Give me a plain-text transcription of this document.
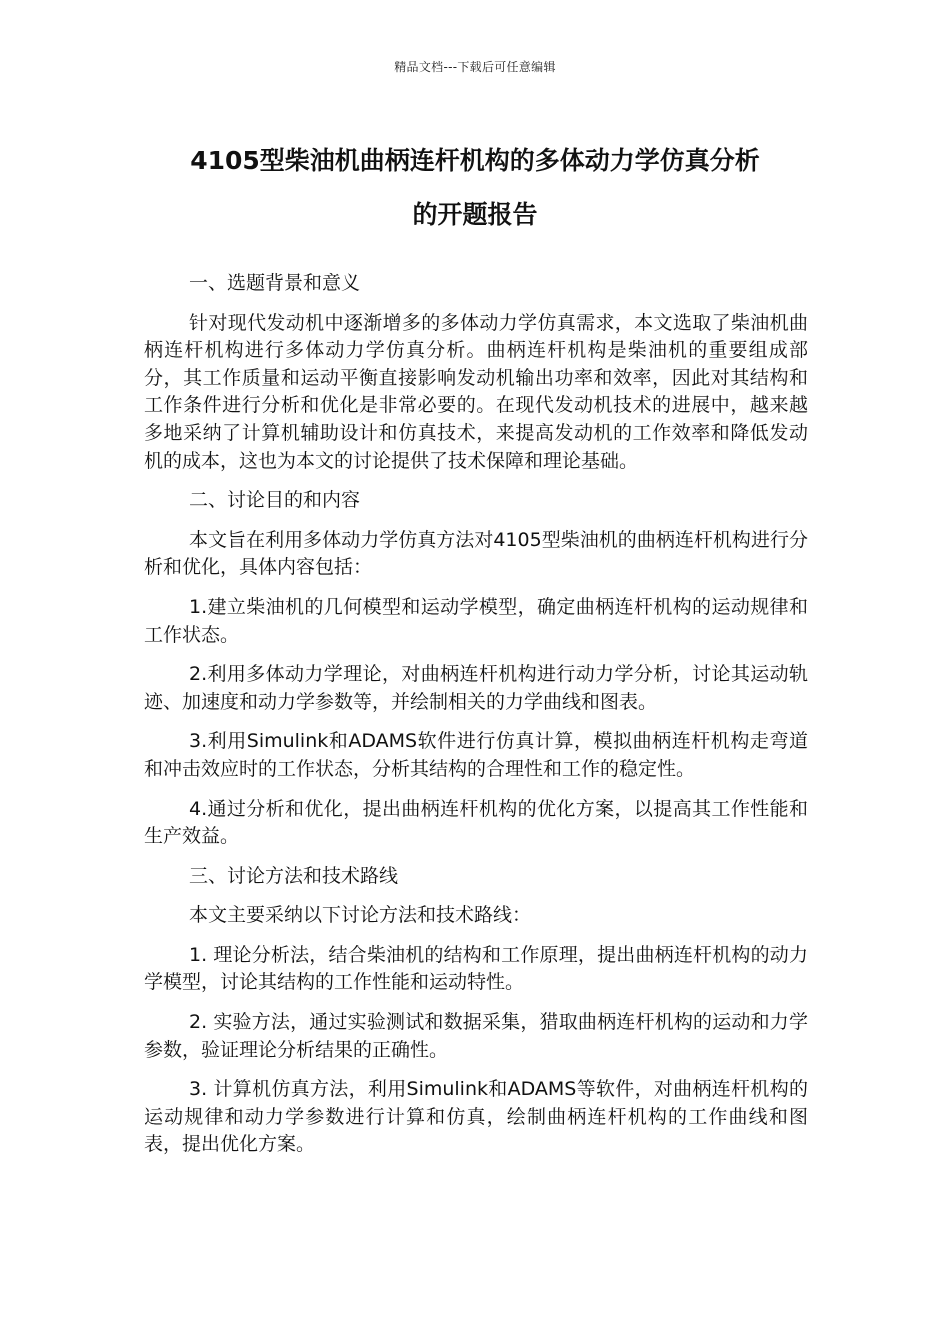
精品文档---下载后可任意编辑
4105型柴油机曲柄连杆机构的多体动力学仿真分析
的开题报告

一、选题背景和意义

针对现代发动机中逐渐增多的多体动力学仿真需求，本文选取了柴油机曲柄连杆机构进行多体动力学仿真分析。曲柄连杆机构是柴油机的重要组成部分，其工作质量和运动平衡直接影响发动机输出功率和效率，因此对其结构和工作条件进行分析和优化是非常必要的。在现代发动机技术的进展中，越来越多地采纳了计算机辅助设计和仿真技术，来提高发动机的工作效率和降低发动机的成本，这也为本文的讨论提供了技术保障和理论基础。

二、讨论目的和内容

本文旨在利用多体动力学仿真方法对4105型柴油机的曲柄连杆机构进行分析和优化，具体内容包括：

1.建立柴油机的几何模型和运动学模型，确定曲柄连杆机构的运动规律和工作状态。

2.利用多体动力学理论，对曲柄连杆机构进行动力学分析，讨论其运动轨迹、加速度和动力学参数等，并绘制相关的力学曲线和图表。

3.利用Simulink和ADAMS软件进行仿真计算，模拟曲柄连杆机构走弯道和冲击效应时的工作状态，分析其结构的合理性和工作的稳定性。

4.通过分析和优化，提出曲柄连杆机构的优化方案，以提高其工作性能和生产效益。

三、讨论方法和技术路线

本文主要采纳以下讨论方法和技术路线：

1. 理论分析法，结合柴油机的结构和工作原理，提出曲柄连杆机构的动力学模型，讨论其结构的工作性能和运动特性。

2. 实验方法，通过实验测试和数据采集，猎取曲柄连杆机构的运动和力学参数，验证理论分析结果的正确性。

3. 计算机仿真方法，利用Simulink和ADAMS等软件，对曲柄连杆机构的运动规律和动力学参数进行计算和仿真，绘制曲柄连杆机构的工作曲线和图表，提出优化方案。
